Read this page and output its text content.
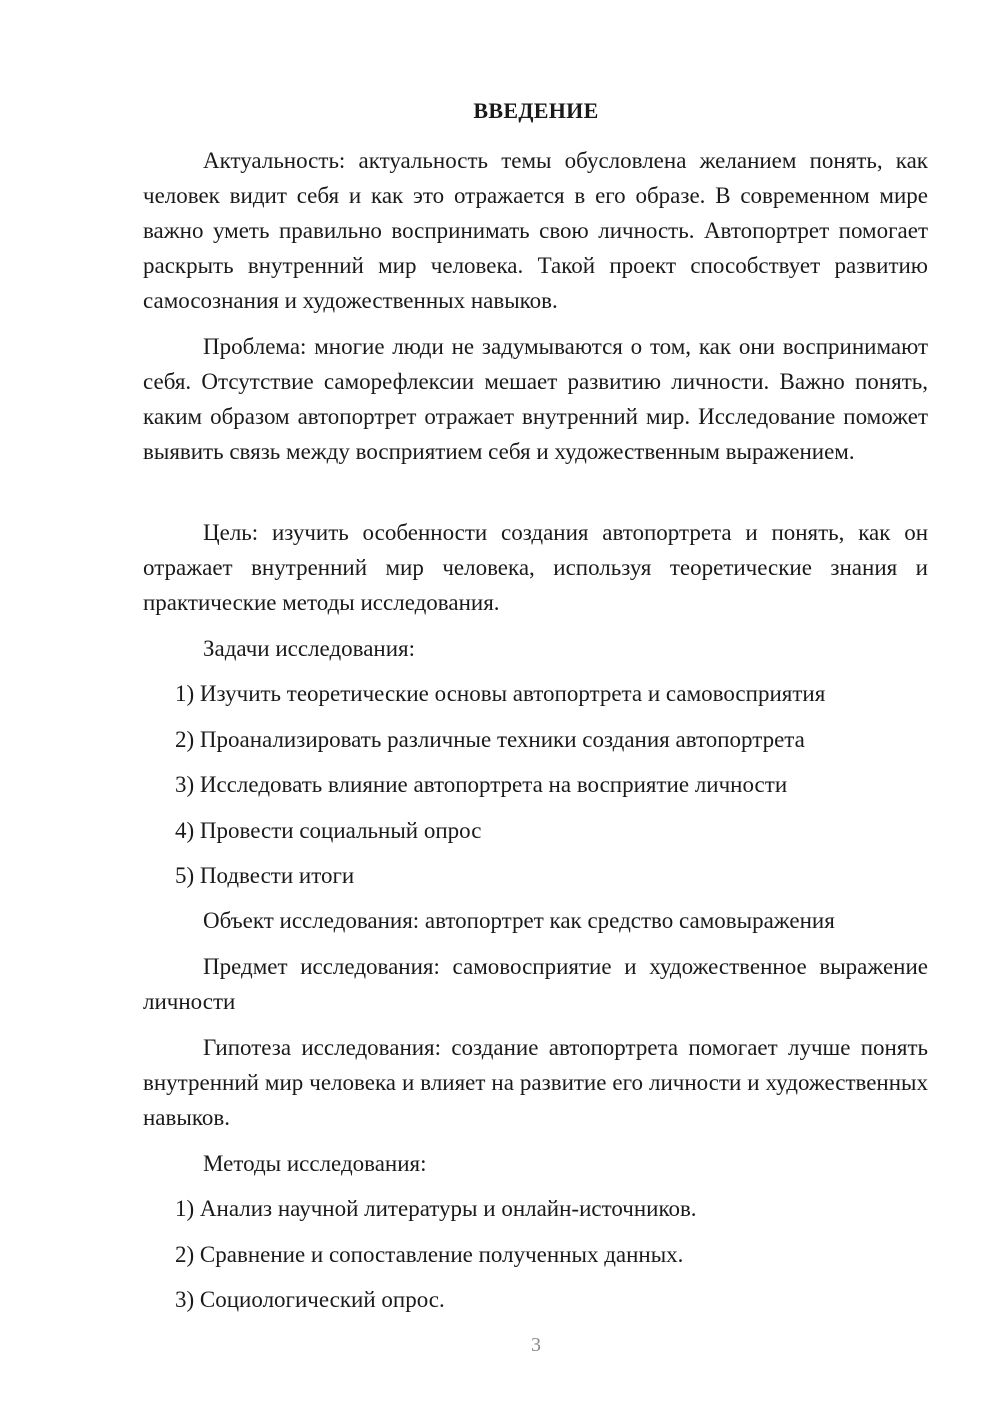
ВВЕДЕНИЕ

Актуальность: актуальность темы обусловлена желанием понять, как человек видит себя и как это отражается в его образе. В современном мире важно уметь правильно воспринимать свою личность. Автопортрет помогает раскрыть внутренний мир человека. Такой проект способствует развитию самосознания и художественных навыков.

Проблема: многие люди не задумываются о том, как они воспринимают себя. Отсутствие саморефлексии мешает развитию личности. Важно понять, каким образом автопортрет отражает внутренний мир. Исследование поможет выявить связь между восприятием себя и художественным выражением.

Цель: изучить особенности создания автопортрета и понять, как он отражает внутренний мир человека, используя теоретические знания и практические методы исследования.

Задачи исследования:

1) Изучить теоретические основы автопортрета и самовосприятия

2) Проанализировать различные техники создания автопортрета

3) Исследовать влияние автопортрета на восприятие личности

4) Провести социальный опрос

5) Подвести итоги

Объект исследования: автопортрет как средство самовыражения

Предмет исследования: самовосприятие и художественное выражение личности

Гипотеза исследования: создание автопортрета помогает лучше понять внутренний мир человека и влияет на развитие его личности и художественных навыков.

Методы исследования:

1) Анализ научной литературы и онлайн-источников.

2) Сравнение и сопоставление полученных данных.

3) Социологический опрос.

3
